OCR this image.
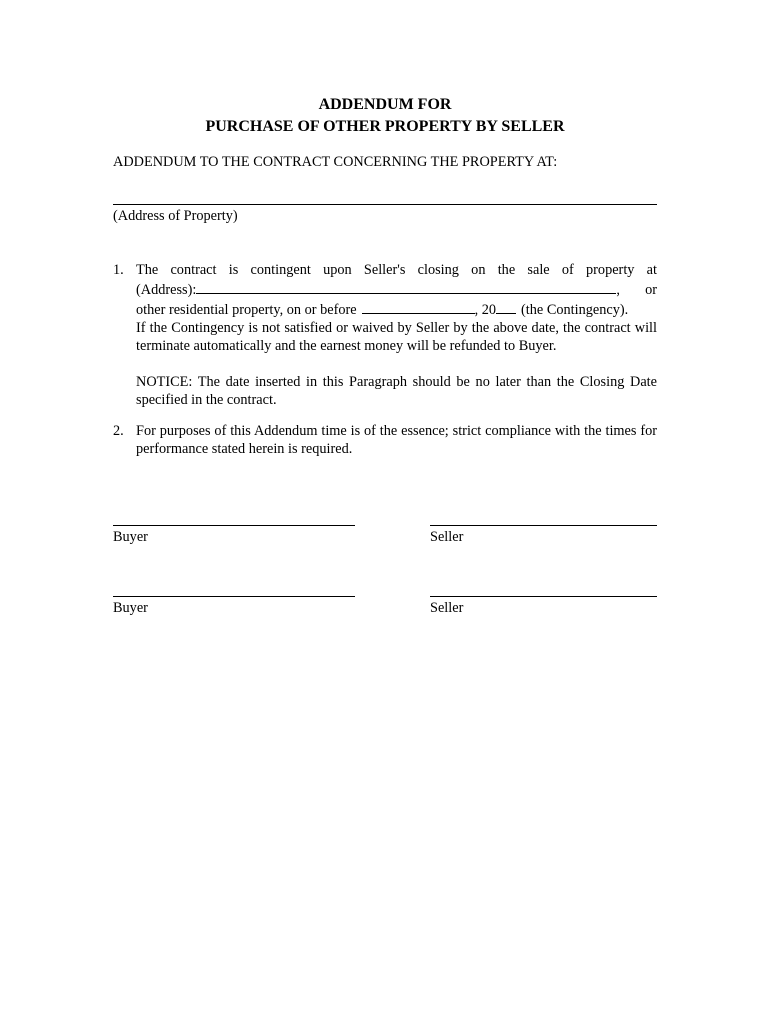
ADDENDUM FOR
PURCHASE OF OTHER PROPERTY BY SELLER
ADDENDUM TO THE CONTRACT CONCERNING THE PROPERTY AT:
(Address of Property)
1. The contract is contingent upon Seller's closing on the sale of property at

(Address):	, or

other residential property, on or before	, 20 (the Contingency).

If the Contingency is not satisfied or waived by Seller by the above date, the contract will terminate automatically and the earnest money will be refunded to Buyer.

NOTICE: The date inserted in this Paragraph should be no later than the Closing Date specified in the contract.

2. For purposes of this Addendum time is of the essence; strict compliance with the times for performance stated herein is required.

Buyer	Seller
Buyer	Seller
